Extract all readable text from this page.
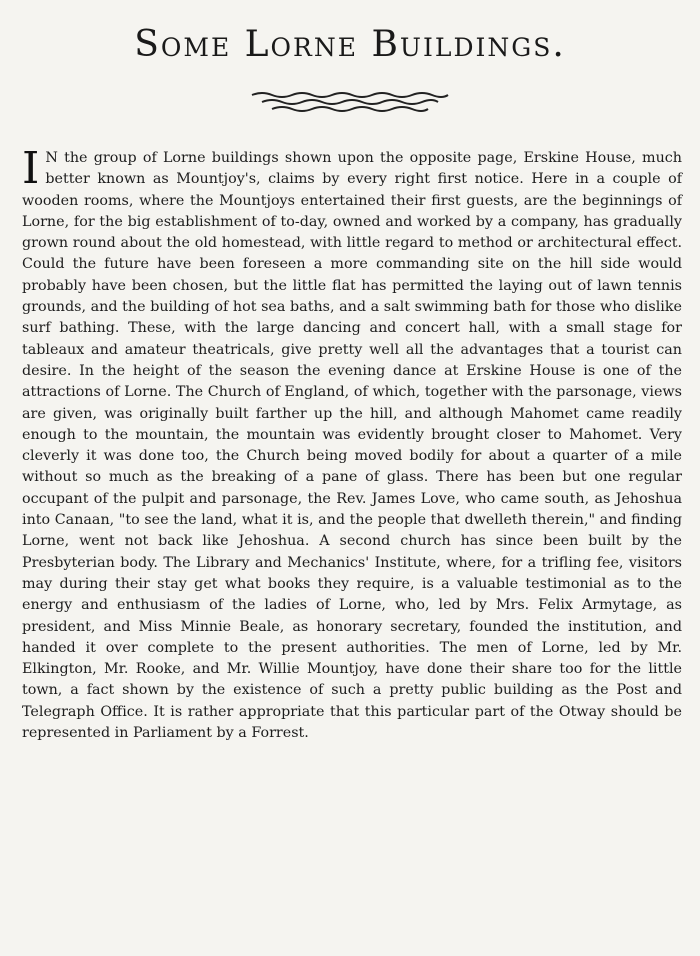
Some Lorne Buildings.
I N the group of Lorne buildings shown upon the opposite page, Erskine House, much better known as Mountjoy's, claims by every right first notice. Here in a couple of wooden rooms, where the Mountjoys entertained their first guests, are the beginnings of Lorne, for the big establishment of to-day, owned and worked by a company, has gradually grown round about the old homestead, with little regard to method or architectural effect. Could the future have been foreseen a more commanding site on the hill side would probably have been chosen, but the little flat has permitted the laying out of lawn tennis grounds, and the building of hot sea baths, and a salt swimming bath for those who dislike surf bathing. These, with the large dancing and concert hall, with a small stage for tableaux and amateur theatricals, give pretty well all the advantages that a tourist can desire. In the height of the season the evening dance at Erskine House is one of the attractions of Lorne. The Church of England, of which, together with the parsonage, views are given, was originally built farther up the hill, and although Mahomet came readily enough to the mountain, the mountain was evidently brought closer to Mahomet. Very cleverly it was done too, the Church being moved bodily for about a quarter of a mile without so much as the breaking of a pane of glass. There has been but one regular occupant of the pulpit and parsonage, the Rev. James Love, who came south, as Jehoshua into Canaan, "to see the land, what it is, and the people that dwelleth therein," and finding Lorne, went not back like Jehoshua. A second church has since been built by the Presbyterian body. The Library and Mechanics' Institute, where, for a trifling fee, visitors may during their stay get what books they require, is a valuable testimonial as to the energy and enthusiasm of the ladies of Lorne, who, led by Mrs. Felix Armytage, as president, and Miss Minnie Beale, as honorary secretary, founded the institution, and handed it over complete to the present authorities. The men of Lorne, led by Mr. Elkington, Mr. Rooke, and Mr. Willie Mountjoy, have done their share too for the little town, a fact shown by the existence of such a pretty public building as the Post and Telegraph Office. It is rather appropriate that this particular part of the Otway should be represented in Parliament by a Forrest.
